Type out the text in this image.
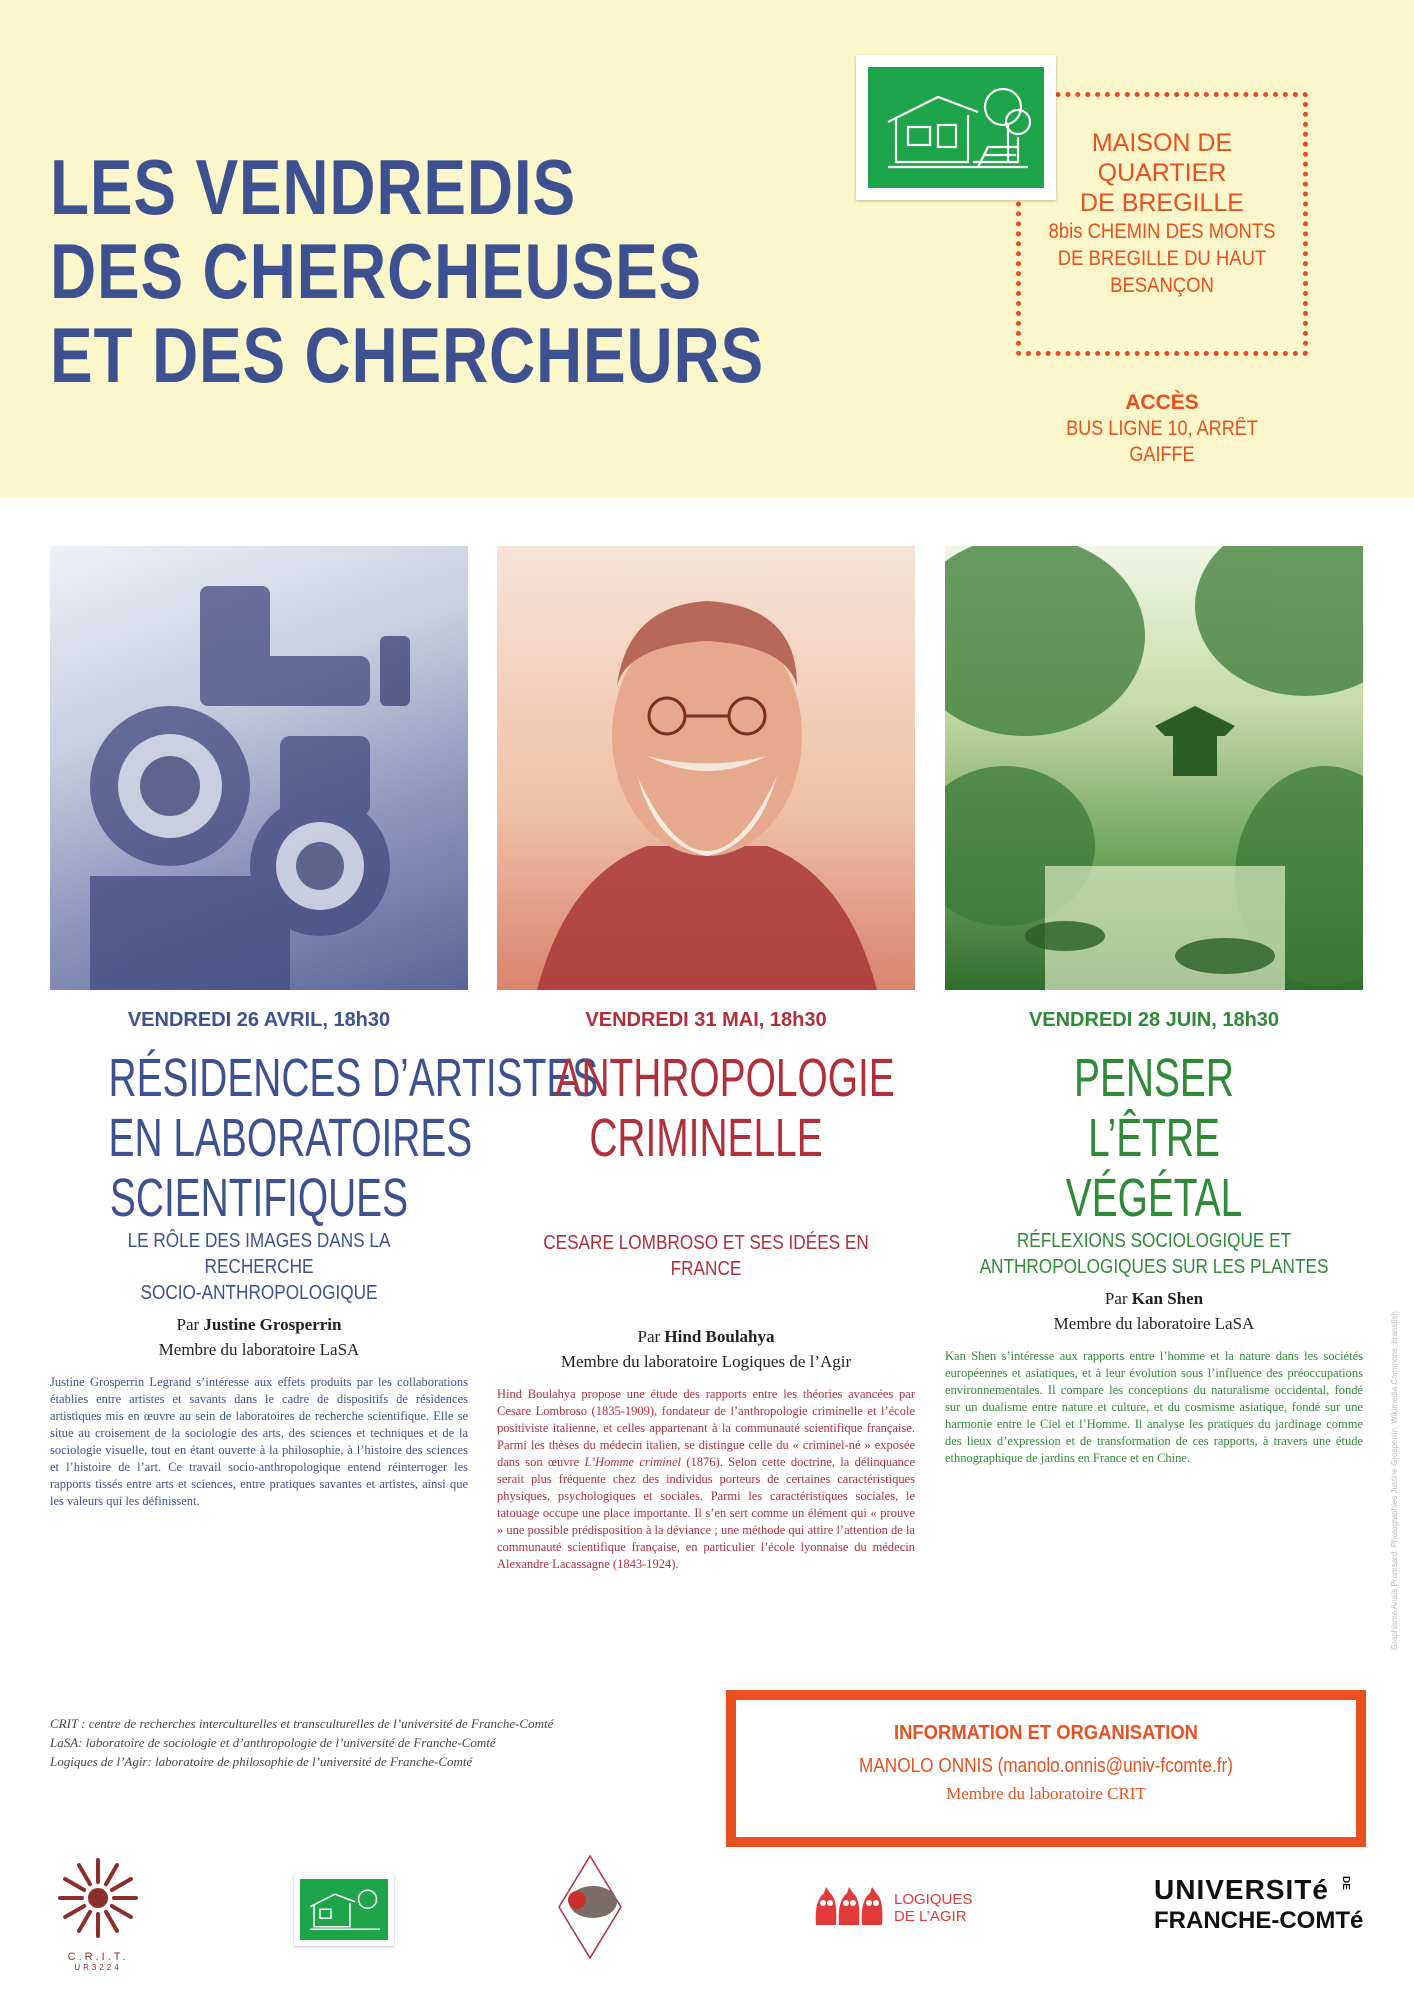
LES VENDREDIS
DES CHERCHEUSES
ET DES CHERCHEURS
MAISON DE
QUARTIER
DE BREGILLE
8bis CHEMIN DES MONTS
DE BREGILLE DU HAUT
BESANÇON
ACCÈS
BUS LIGNE 10, ARRÊT GAIFFE
VENDREDI 26 AVRIL, 18h30
RÉSIDENCES D’ARTISTES
EN LABORATOIRES
SCIENTIFIQUES
LE RÔLE DES IMAGES DANS LA RECHERCHE
SOCIO-ANTHROPOLOGIQUE
Par Justine Grosperrin
Membre du laboratoire LaSA

Justine Grosperrin Legrand s’intéresse aux effets produits par les collaborations établies entre artistes et savants dans le cadre de dispositifs de résidences artistiques mis en œuvre au sein de laboratoires de recherche scientifique. Elle se situe au croisement de la sociologie des arts, des sciences et techniques et de la sociologie visuelle, tout en étant ouverte à la philosophie, à l’histoire des sciences et l’histoire de l’art. Ce travail socio-anthropologique entend réinterroger les rapports tissés entre arts et sciences, entre pratiques savantes et artistes, ainsi que les valeurs qui les définissent.

VENDREDI 31 MAI, 18h30
ANTHROPOLOGIE
CRIMINELLE
CESARE LOMBROSO ET SES IDÉES EN FRANCE
Par Hind Boulahya
Membre du laboratoire Logiques de l’Agir

Hind Boulahya propose une étude des rapports entre les théories avancées par Cesare Lombroso (1835-1909), fondateur de l’anthropologie criminelle et l’école positiviste italienne, et celles appartenant à la communauté scientifique française. Parmi les thèses du médecin italien, se distingue celle du « criminel-né » exposée dans son œuvre L’Homme criminel (1876). Selon cette doctrine, la délinquance serait plus fréquente chez des individus porteurs de certaines caractéristiques physiques, psychologiques et sociales. Parmi les caractéristiques sociales, le tatouage occupe une place importante. Il s’en sert comme un élément qui « prouve » une possible prédisposition à la déviance ; une méthode qui attire l’attention de la communauté scientifique française, en particulier l’école lyonnaise du médecin Alexandre Lacassagne (1843-1924).

VENDREDI 28 JUIN, 18h30
PENSER
L’ÊTRE
VÉGÉTAL
RÉFLEXIONS SOCIOLOGIQUE ET
ANTHROPOLOGIQUES SUR LES PLANTES
Par Kan Shen
Membre du laboratoire LaSA

Kan Shen s’intéresse aux rapports entre l’homme et la nature dans les sociétés européennes et asiatiques, et à leur évolution sous l’influence des préoccupations environnementales. Il compare les conceptions du naturalisme occidental, fondé sur un dualisme entre nature et culture, et du cosmisme asiatique, fondé sur une harmonie entre le Ciel et l’Homme. Il analyse les pratiques du jardinage comme des lieux d’expression et de transformation de ces rapports, à travers une étude ethnographique de jardins en France et en Chine.	Graphisme Anaïs Promsard. Photographies Justine Grosperrin, Wikimedia Commons, bransfish
CRIT : centre de recherches interculturelles et transculturelles de l’université de Franche-Comté
LaSA: laboratoire de sociologie et d’anthropologie de l’université de Franche-Comté
Logiques de l’Agir: laboratoire de philosophie de l’université de Franche-Comté
INFORMATION ET ORGANISATION
MANOLO ONNIS (manolo.onnis@univ-fcomte.fr)
Membre du laboratoire CRIT
C.R.I.T.
UR3224
LOGIQUES
DE L’AGIR
UNIVERSITé	DE
FRANCHE-COMTé
